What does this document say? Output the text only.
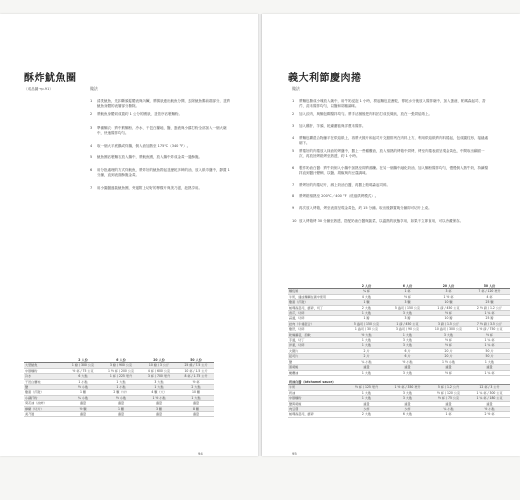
酥炸魷魚圈
（成品圖→p.91）	做法
1 清洗魷魚，先扣斷頭髮體表與內臟，將腸狀連出魷魚分開，去除魷魚腸前端部分，並將魷魚身體的表層部分撕除。
2 將魷魚身體切成寬約 1 公分的圈狀，並依序沾裹麵粉。
3 準備麵衣：將中筋麵粉、冷水、干邑白蘭地、鹽、蛋液與小蘇打粉全部加入一個大碗中，快速攪拌均勻。
4 取一個大平底鍋或炸鍋，倒入油加熱至 175℃（340 °F）。
5 魷魚圈沾裹麵衣放入鍋中，將魷魚圈，放入鍋中炸成金黃一邊酥脆。
6 用分批處理的方式炸魷魚，將炸好的魷魚撈起並瀝乾多餘的油，放入紙巾盤中，靜置 1 分鐘，直到表面酥脆金黃。
7 用小圓盤盛裝魷魚圈，旁邊附上切好的檸檬片與美乃滋，趁熱享用。
	2 人份	6 人份	20 人份	50 人份
大型魷魚	1 條 / 300 公克	3 條 / 900 公克	10 條 / 3 公斤	25 條 / 7.5 公斤
中筋麵粉	½ 杯 / 75 公克	1 ½ 杯 / 200 公克	4 杯 / 600 公克	10 杯 / 1.5 公斤
冷水	6 大匙	1 杯 / 225 毫升	3 杯 / 700 毫升	8 杯 / 1.75 公升
干邑白蘭地	1 小匙	1 大匙	3 大匙	½ 杯
鹽	½ 小匙	1 小匙	1 大匙	2 大匙
雞蛋（打散）	1 顆	2 顆（中）	4 顆（大）	10 顆
小蘇打粉	¼ 小匙	½ 小匙	1 ½ 小匙	1 大匙
葵花油（油炸）	適量	適量	適量	適量
檸檬（切片）	½ 顆	1 顆	3 顆	8 顆
美乃滋	適量	適量	適量	適量
94
義大利節慶肉捲
做法
1 將麵包撕成小塊放入碗中，用牛奶浸泡 1 小時，撈起麵包並瀝乾，擰乾水分後放入攪拌碗中，加入蛋液、帕瑪森起司、香芹、蒜末攪拌均勻，以鹽和胡椒調味。
2 加入絞肉，與麵包糊攪拌均勻。將手沾濕後把肉料拍打成長條狀，放在一張烘焙紙上。
3 加入雞肝、芋頭、乾燥蘑菇與洋蔥末攪拌。
4 將麵包糊混合物鋪平在烘焙紙上，再將火腿片和起司片交錯排列在肉料上方，利用烘焙紙將肉料捲起，包成圓柱形，接縫處朝下。
5 將捲好的肉捲放入抹油的烤盤中，撒上一些橄欖油，放入預熱的烤箱中烘烤，烤至肉捲表面呈現金黃色，中間取出翻面一次，再放回烤箱烤至熟透，約 1 小時。
6 製作奶油白醬：將牛奶倒入小鍋中加熱至即將沸騰。在另一個鍋中融化奶油，加入麵粉攪拌均勻，慢慢倒入熱牛奶，持續攪拌直到醬汁變稠，以鹽、胡椒與肉豆蔻調味。
7 將烤好的肉捲切片，淋上奶油白醬，再撒上帕瑪森起司碎。
8 將烤箱預熱至 200℃／400 °F（炫風烘烤模式）。
9 再次放入烤箱，烤至表面呈現金黃色，約 15 分鐘。取出後靜置幾分鐘即可切片上桌。
10 放入烤箱烤 30 分鐘至熟透，搭配奶油白醬與蔬菜，以溫熱的狀態享用，如果不立即食用，可以冷藏保存。
	2 人份	6 人份	20 人份	50 人份
麵包屑	¼ 杯	1 杯	3 杯	7 杯 / 120 毫升
牛奶，連成麵糊在碗中使用	4 大匙	½ 杯	1 ½ 杯	4 杯
雞蛋（打散）	1 顆	3 顆	10 顆	25 顆
帕瑪森起司，磨碎，切丁	2 大匙	5 盎司 / 150 公克	1 磅 / 450 公克	2 ½ 磅 / 1.2 公斤
香芹，切碎	1 大匙	3 大匙	½ 杯	1 ¼ 杯
蒜頭，切碎	1 瓣	3 瓣	10 瓣	25 瓣
絞肉（牛豬混合）	5 盎司 / 150 公克	1 磅 / 450 公克	3 磅 / 1.5 公斤	7 ½ 磅 / 3.5 公斤
雞肝，切碎	1 盎司 / 30 公克	3 盎司 / 90 公克	10 盎司 / 300 公克	1 ½ 磅 / 750 公克
乾燥蘑菇，泡軟	½ 大匙	1 大匙	3 大匙	½ 杯
芋頭，切丁	1 大匙	3 大匙	½ 杯	1 ¼ 杯
洋蔥，切碎	1 大匙	3 大匙	½ 杯	1 ¼ 杯
火腿片	2 片	6 片	20 片	50 片
起司片	2 片	6 片	20 片	50 片
鹽	¼ 小匙	½ 小匙	1 ½ 小匙	1 大匙
黑胡椒	適量	適量	適量	適量
橄欖油	1 大匙	3 大匙	½ 杯	1 ¼ 杯

奶油白醬（béchamel sauce）				
牛奶	½ 杯 / 125 毫升	1 ½ 杯 / 350 毫升	5 杯 / 1.2 公升	12 杯 / 3 公升
奶油	1 大匙	3 大匙	½ 杯 / 120 公克	1 ¼ 杯 / 300 公克
中筋麵粉	1 大匙	3 大匙	½ 杯 / 75 公克	1 ¼ 杯 / 180 公克
鹽與胡椒	適量	適量	適量	適量
肉豆蔻	少許	少許	¼ 小匙	½ 小匙
帕瑪森起司，磨碎	2 大匙	6 大匙	1 杯	2 ½ 杯
95
